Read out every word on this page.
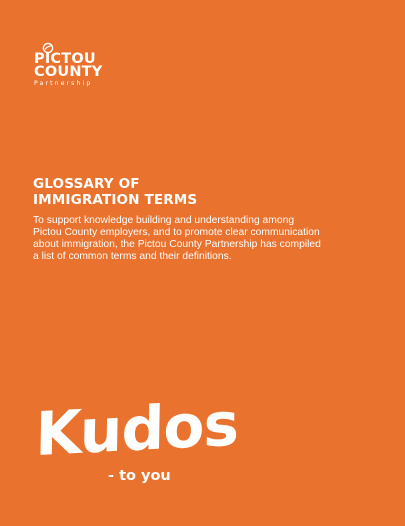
PICTOU
COUNTY
Partnership
GLOSSARY OF
IMMIGRATION TERMS

To support knowledge building and understanding among Pictou County employers, and to promote clear communication about immigration, the Pictou County Partnership has compiled a list of common terms and their definitions.

Kudos
- to you
